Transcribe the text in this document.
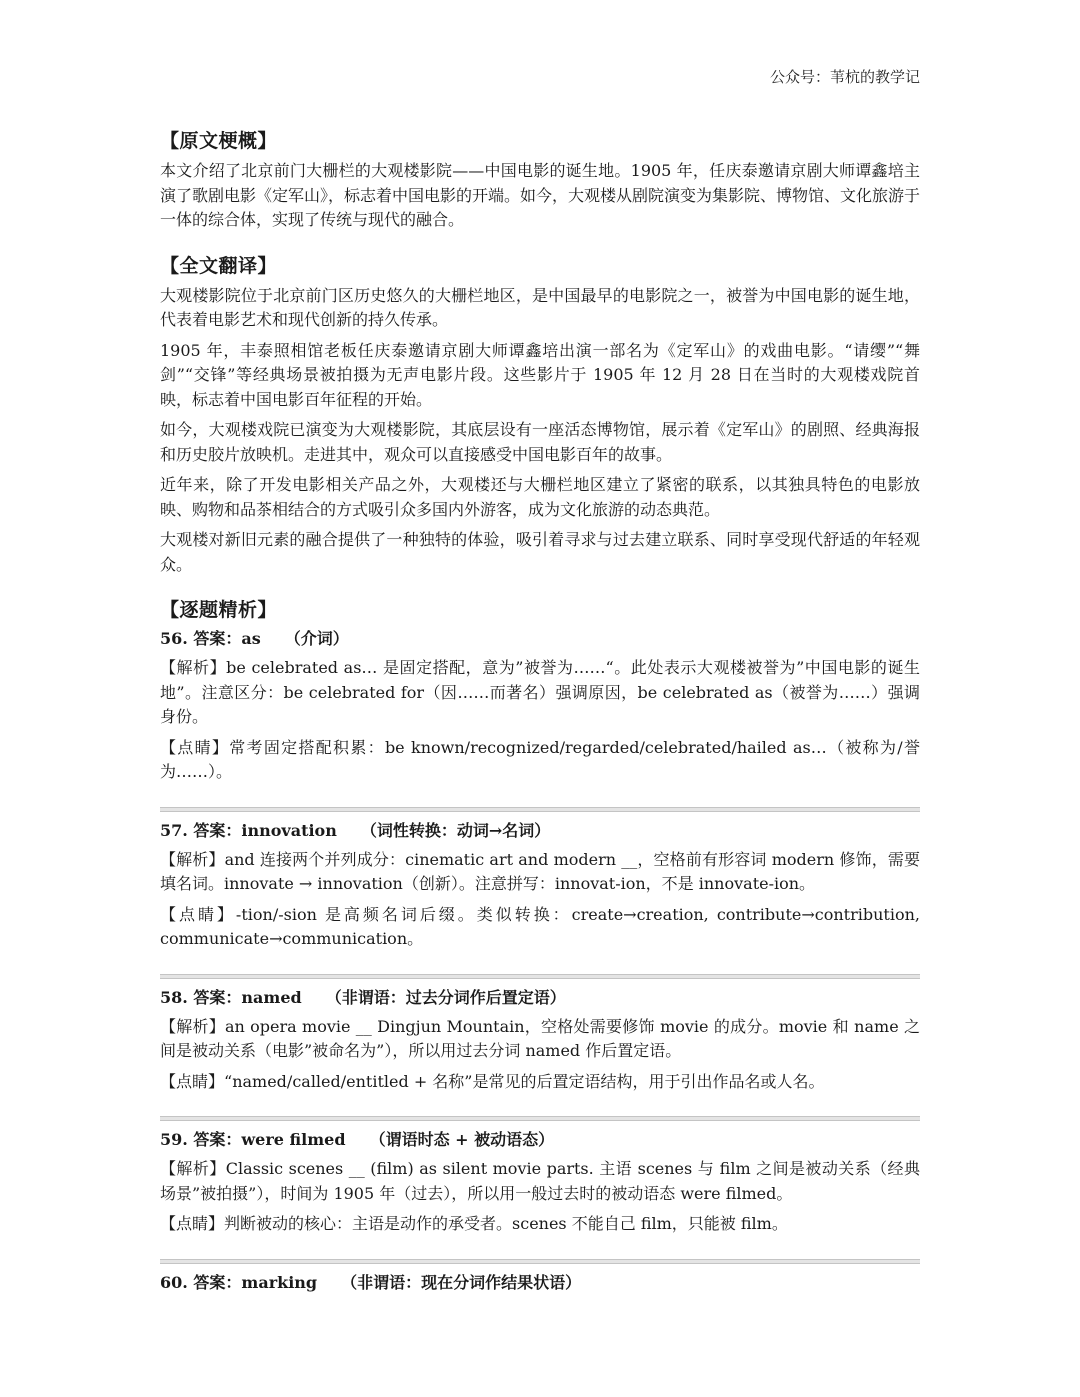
公众号：苇杭的教学记
【原文梗概】

本文介绍了北京前门大栅栏的大观楼影院——中国电影的诞生地。1905 年，任庆泰邀请京剧大师谭鑫培主演了歌剧电影《定军山》，标志着中国电影的开端。如今，大观楼从剧院演变为集影院、博物馆、文化旅游于一体的综合体，实现了传统与现代的融合。

【全文翻译】

大观楼影院位于北京前门区历史悠久的大栅栏地区，是中国最早的电影院之一，被誉为中国电影的诞生地，代表着电影艺术和现代创新的持久传承。

1905 年，丰泰照相馆老板任庆泰邀请京剧大师谭鑫培出演一部名为《定军山》的戏曲电影。“请缨”“舞剑”“交锋”等经典场景被拍摄为无声电影片段。这些影片于 1905 年 12 月 28 日在当时的大观楼戏院首映，标志着中国电影百年征程的开始。

如今，大观楼戏院已演变为大观楼影院，其底层设有一座活态博物馆，展示着《定军山》的剧照、经典海报和历史胶片放映机。走进其中，观众可以直接感受中国电影百年的故事。

近年来，除了开发电影相关产品之外，大观楼还与大栅栏地区建立了紧密的联系，以其独具特色的电影放映、购物和品茶相结合的方式吸引众多国内外游客，成为文化旅游的动态典范。

大观楼对新旧元素的融合提供了一种独特的体验，吸引着寻求与过去建立联系、同时享受现代舒适的年轻观众。

【逐题精析】
56. 答案：as （介词）

【解析】be celebrated as… 是固定搭配，意为”被誉为……“。此处表示大观楼被誉为”中国电影的诞生地”。注意区分：be celebrated for（因……而著名）强调原因，be celebrated as（被誉为……）强调身份。

【点睛】常考固定搭配积累：be known/recognized/regarded/celebrated/hailed as…（被称为/誉为……）。

57. 答案：innovation （词性转换：动词→名词）

【解析】and 连接两个并列成分：cinematic art and modern __，空格前有形容词 modern 修饰，需要填名词。innovate → innovation（创新）。注意拼写：innovat-ion，不是 innovate-ion。

【点睛】-tion/-sion 是高频名词后缀。类似转换：create→creation, contribute→contribution, communicate→communication。

58. 答案：named （非谓语：过去分词作后置定语）

【解析】an opera movie __ Dingjun Mountain，空格处需要修饰 movie 的成分。movie 和 name 之间是被动关系（电影”被命名为”），所以用过去分词 named 作后置定语。

【点睛】“named/called/entitled + 名称”是常见的后置定语结构，用于引出作品名或人名。

59. 答案：were filmed （谓语时态 + 被动语态）

【解析】Classic scenes __ (film) as silent movie parts. 主语 scenes 与 film 之间是被动关系（经典场景”被拍摄”），时间为 1905 年（过去），所以用一般过去时的被动语态 were filmed。

【点睛】判断被动的核心：主语是动作的承受者。scenes 不能自己 film，只能被 film。

60. 答案：marking （非谓语：现在分词作结果状语）
